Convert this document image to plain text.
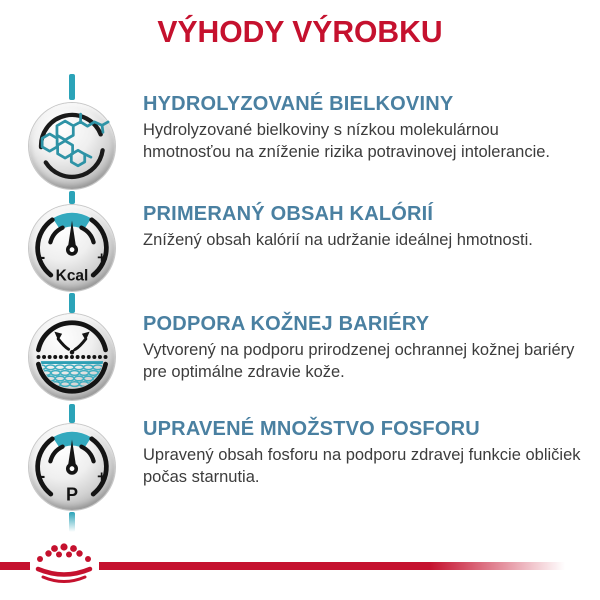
VÝHODY VÝROBKU
-	+
Kcal
-	+
P
HYDROLYZOVANÉ BIELKOVINY

Hydrolyzované bielkoviny s nízkou molekulárnou hmotnosťou na zníženie rizika potravinovej intolerancie.

PRIMERANÝ OBSAH KALÓRIÍ

Znížený obsah kalórií na udržanie ideálnej hmotnosti.

PODPORA KOŽNEJ BARIÉRY

Vytvorený na podporu prirodzenej ochrannej kožnej bariéry pre optimálne zdravie kože.

UPRAVENÉ MNOŽSTVO FOSFORU

Upravený obsah fosforu na podporu zdravej funkcie obličiek počas starnutia.
